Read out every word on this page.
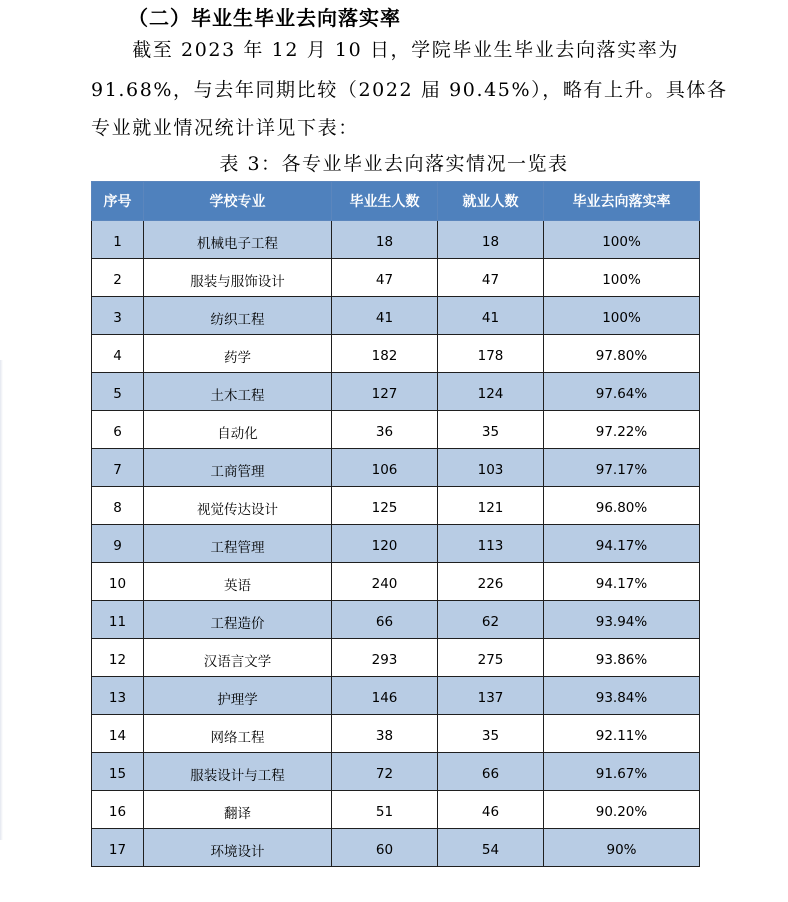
（二）毕业生毕业去向落实率

　　截至 2023 年 12 月 10 日，学院毕业生毕业去向落实率为

91.68%，与去年同期比较（2022 届 90.45%），略有上升。具体各

专业就业情况统计详见下表：

表 3：各专业毕业去向落实情况一览表
序号	学校专业	毕业生人数	就业人数	毕业去向落实率
1	机械电子工程	18	18	100%
2	服装与服饰设计	47	47	100%
3	纺织工程	41	41	100%
4	药学	182	178	97.80%
5	土木工程	127	124	97.64%
6	自动化	36	35	97.22%
7	工商管理	106	103	97.17%
8	视觉传达设计	125	121	96.80%
9	工程管理	120	113	94.17%
10	英语	240	226	94.17%
11	工程造价	66	62	93.94%
12	汉语言文学	293	275	93.86%
13	护理学	146	137	93.84%
14	网络工程	38	35	92.11%
15	服装设计与工程	72	66	91.67%
16	翻译	51	46	90.20%
17	环境设计	60	54	90%
